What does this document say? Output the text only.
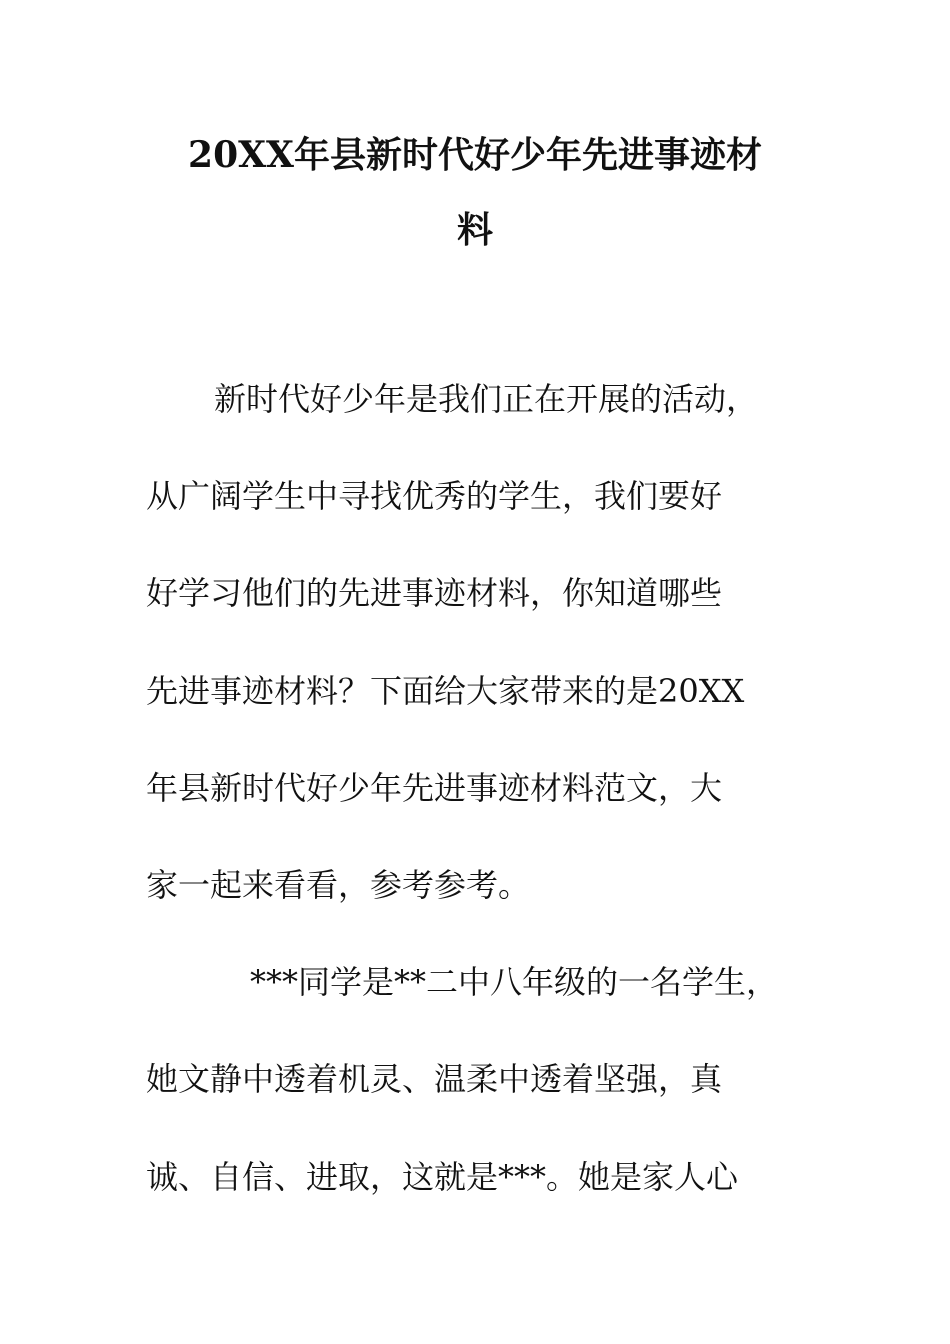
20XX年县新时代好少年先进事迹材
料
新时代好少年是我们正在开展的活动，
从广阔学生中寻找优秀的学生，我们要好
好学习他们的先进事迹材料，你知道哪些
先进事迹材料？下面给大家带来的是20XX
年县新时代好少年先进事迹材料范文，大
家一起来看看，参考参考。
***同学是**二中八年级的一名学生，
她文静中透着机灵、温柔中透着坚强，真
诚、自信、进取，这就是***。她是家人心
